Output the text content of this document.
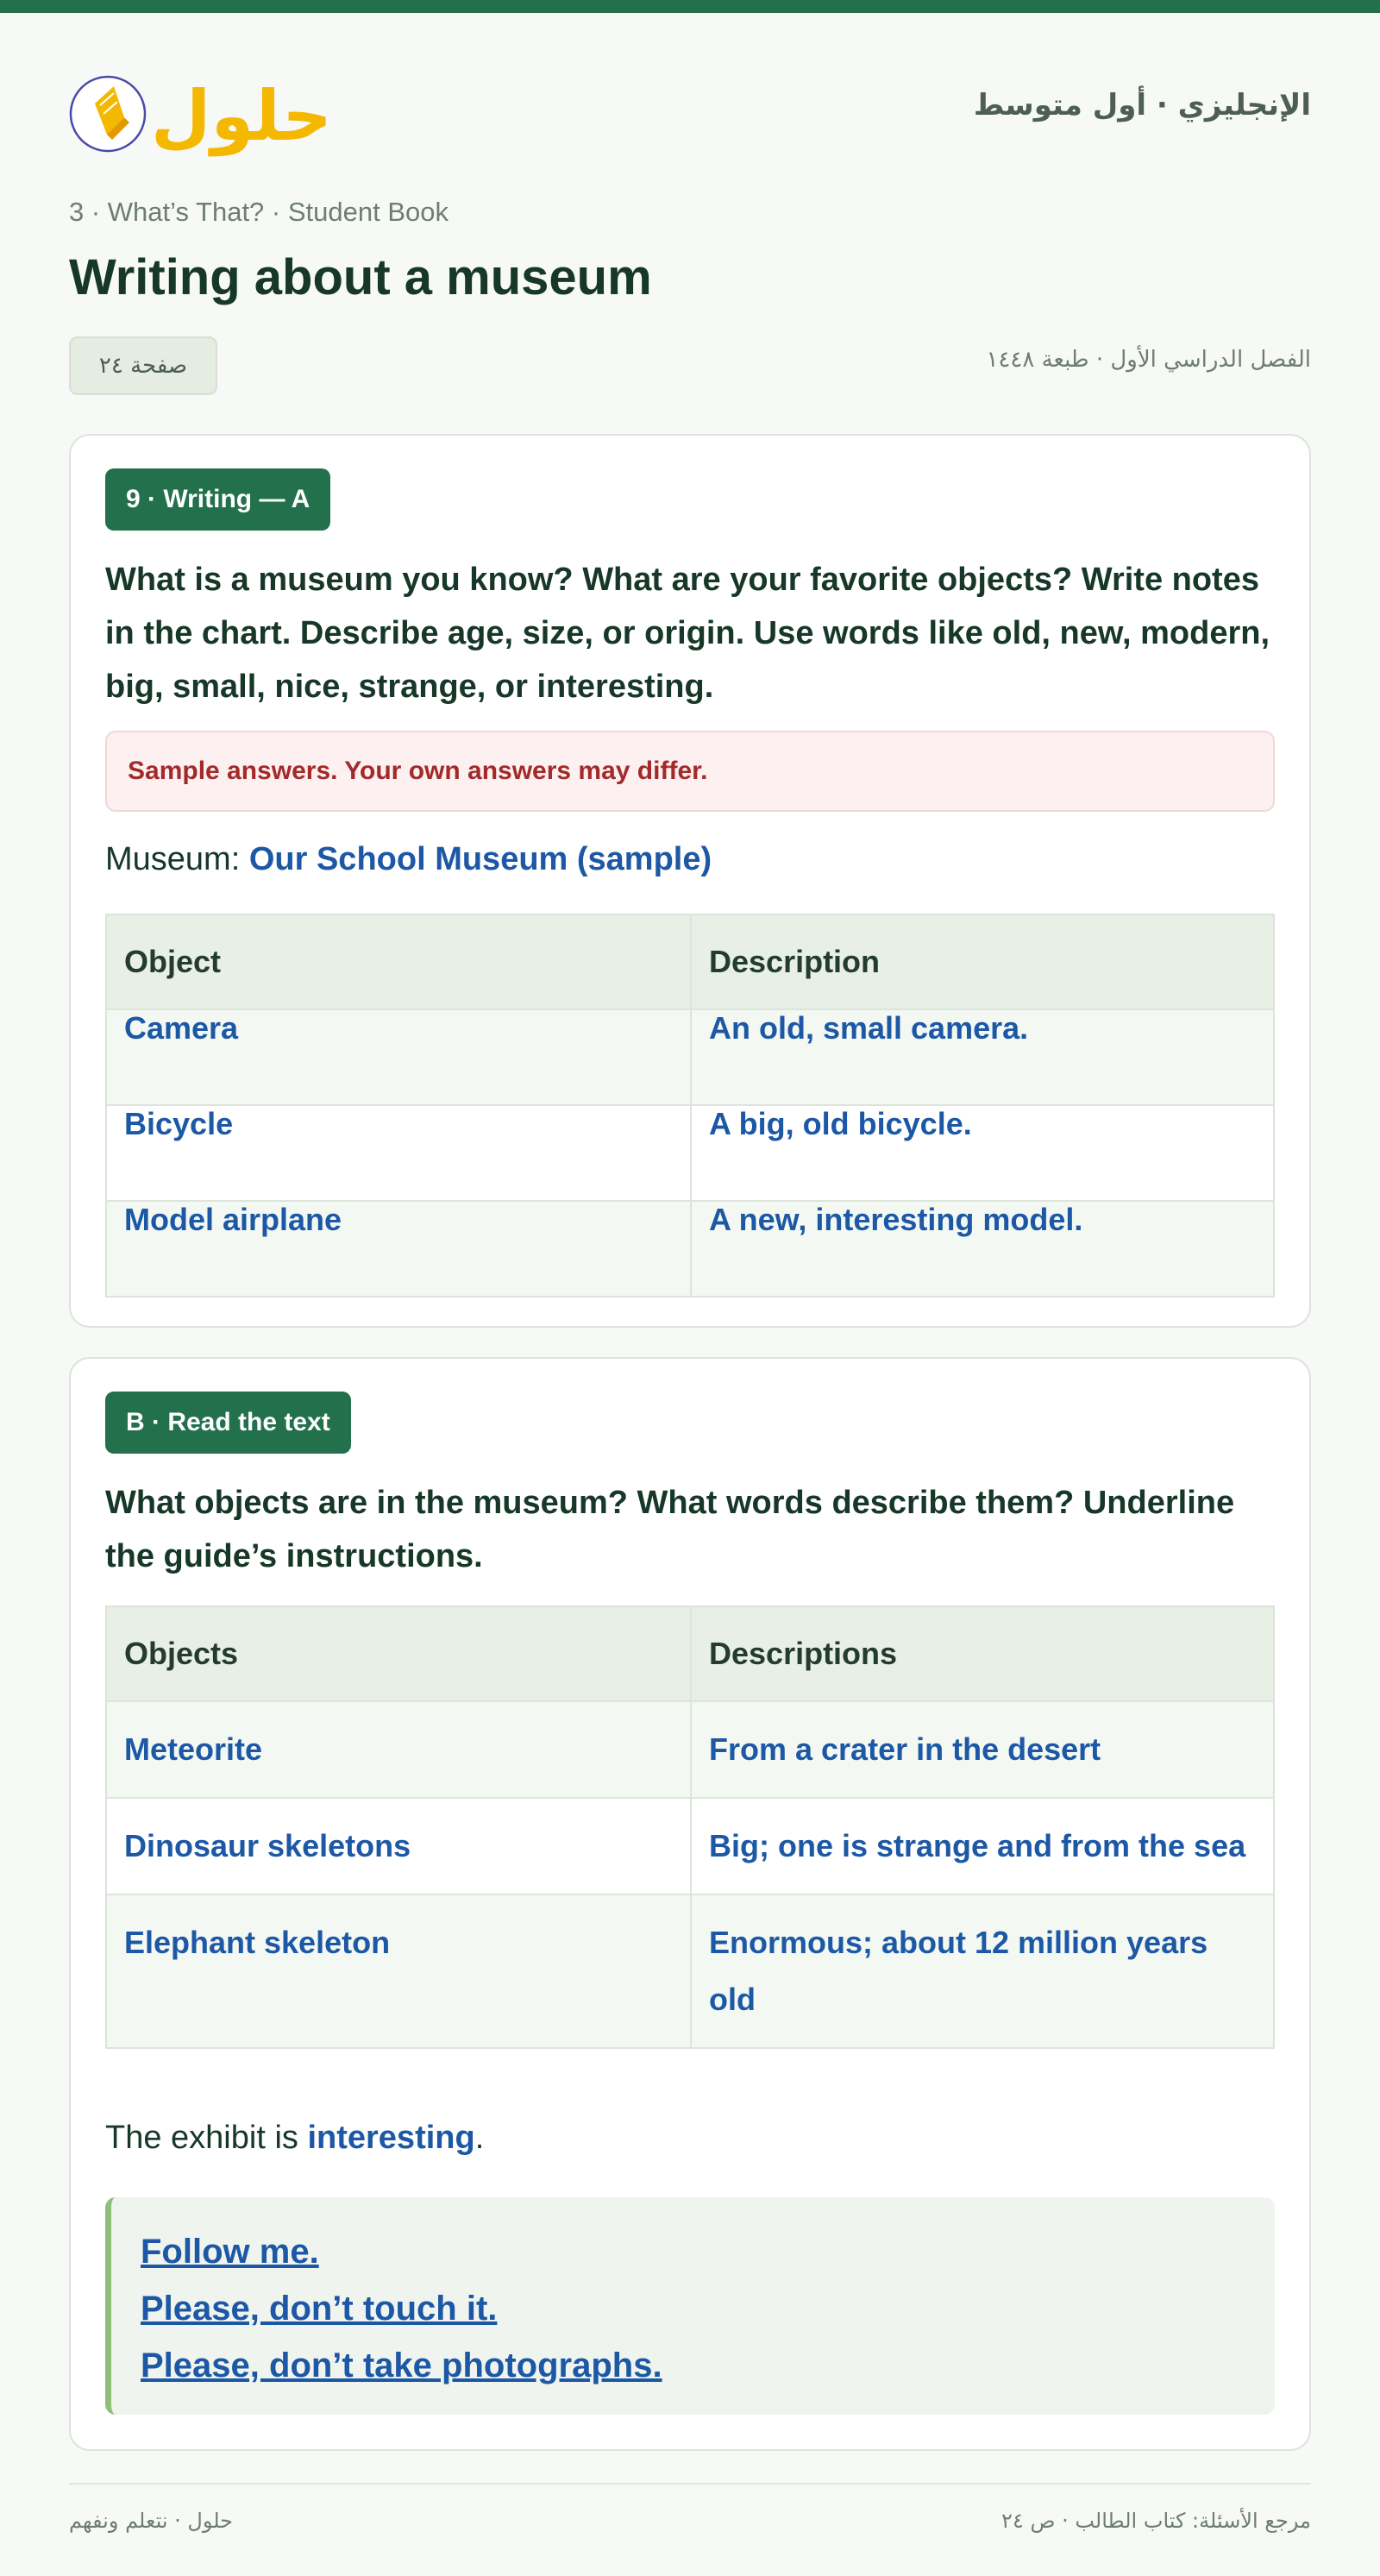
حلول	الإنجليزي · أول متوسط
3 · What’s That? · Student Book
Writing about a museum
صفحة ٢٤	الفصل الدراسي الأول · طبعة ١٤٤٨
9 · Writing — A
What is a museum you know? What are your favorite objects? Write notes in the chart. Describe age, size, or origin. Use words like old, new, modern, big, small, nice, strange, or interesting.
Sample answers. Your own answers may differ.
Museum: Our School Museum (sample)
Object	Description
Camera	An old, small camera.
Bicycle	A big, old bicycle.
Model airplane	A new, interesting model.
B · Read the text
What objects are in the museum? What words describe them? Underline the guide’s instructions.
Objects	Descriptions

Meteorite	From a crater in the desert

Dinosaur skeletons	Big; one is strange and from the sea

Elephant skeleton	Enormous; about 12 million years old
The exhibit is interesting.
Follow me.
Please, don’t touch it.
Please, don’t take photographs.
حلول · نتعلم ونفهم	مرجع الأسئلة: كتاب الطالب · ص ٢٤
